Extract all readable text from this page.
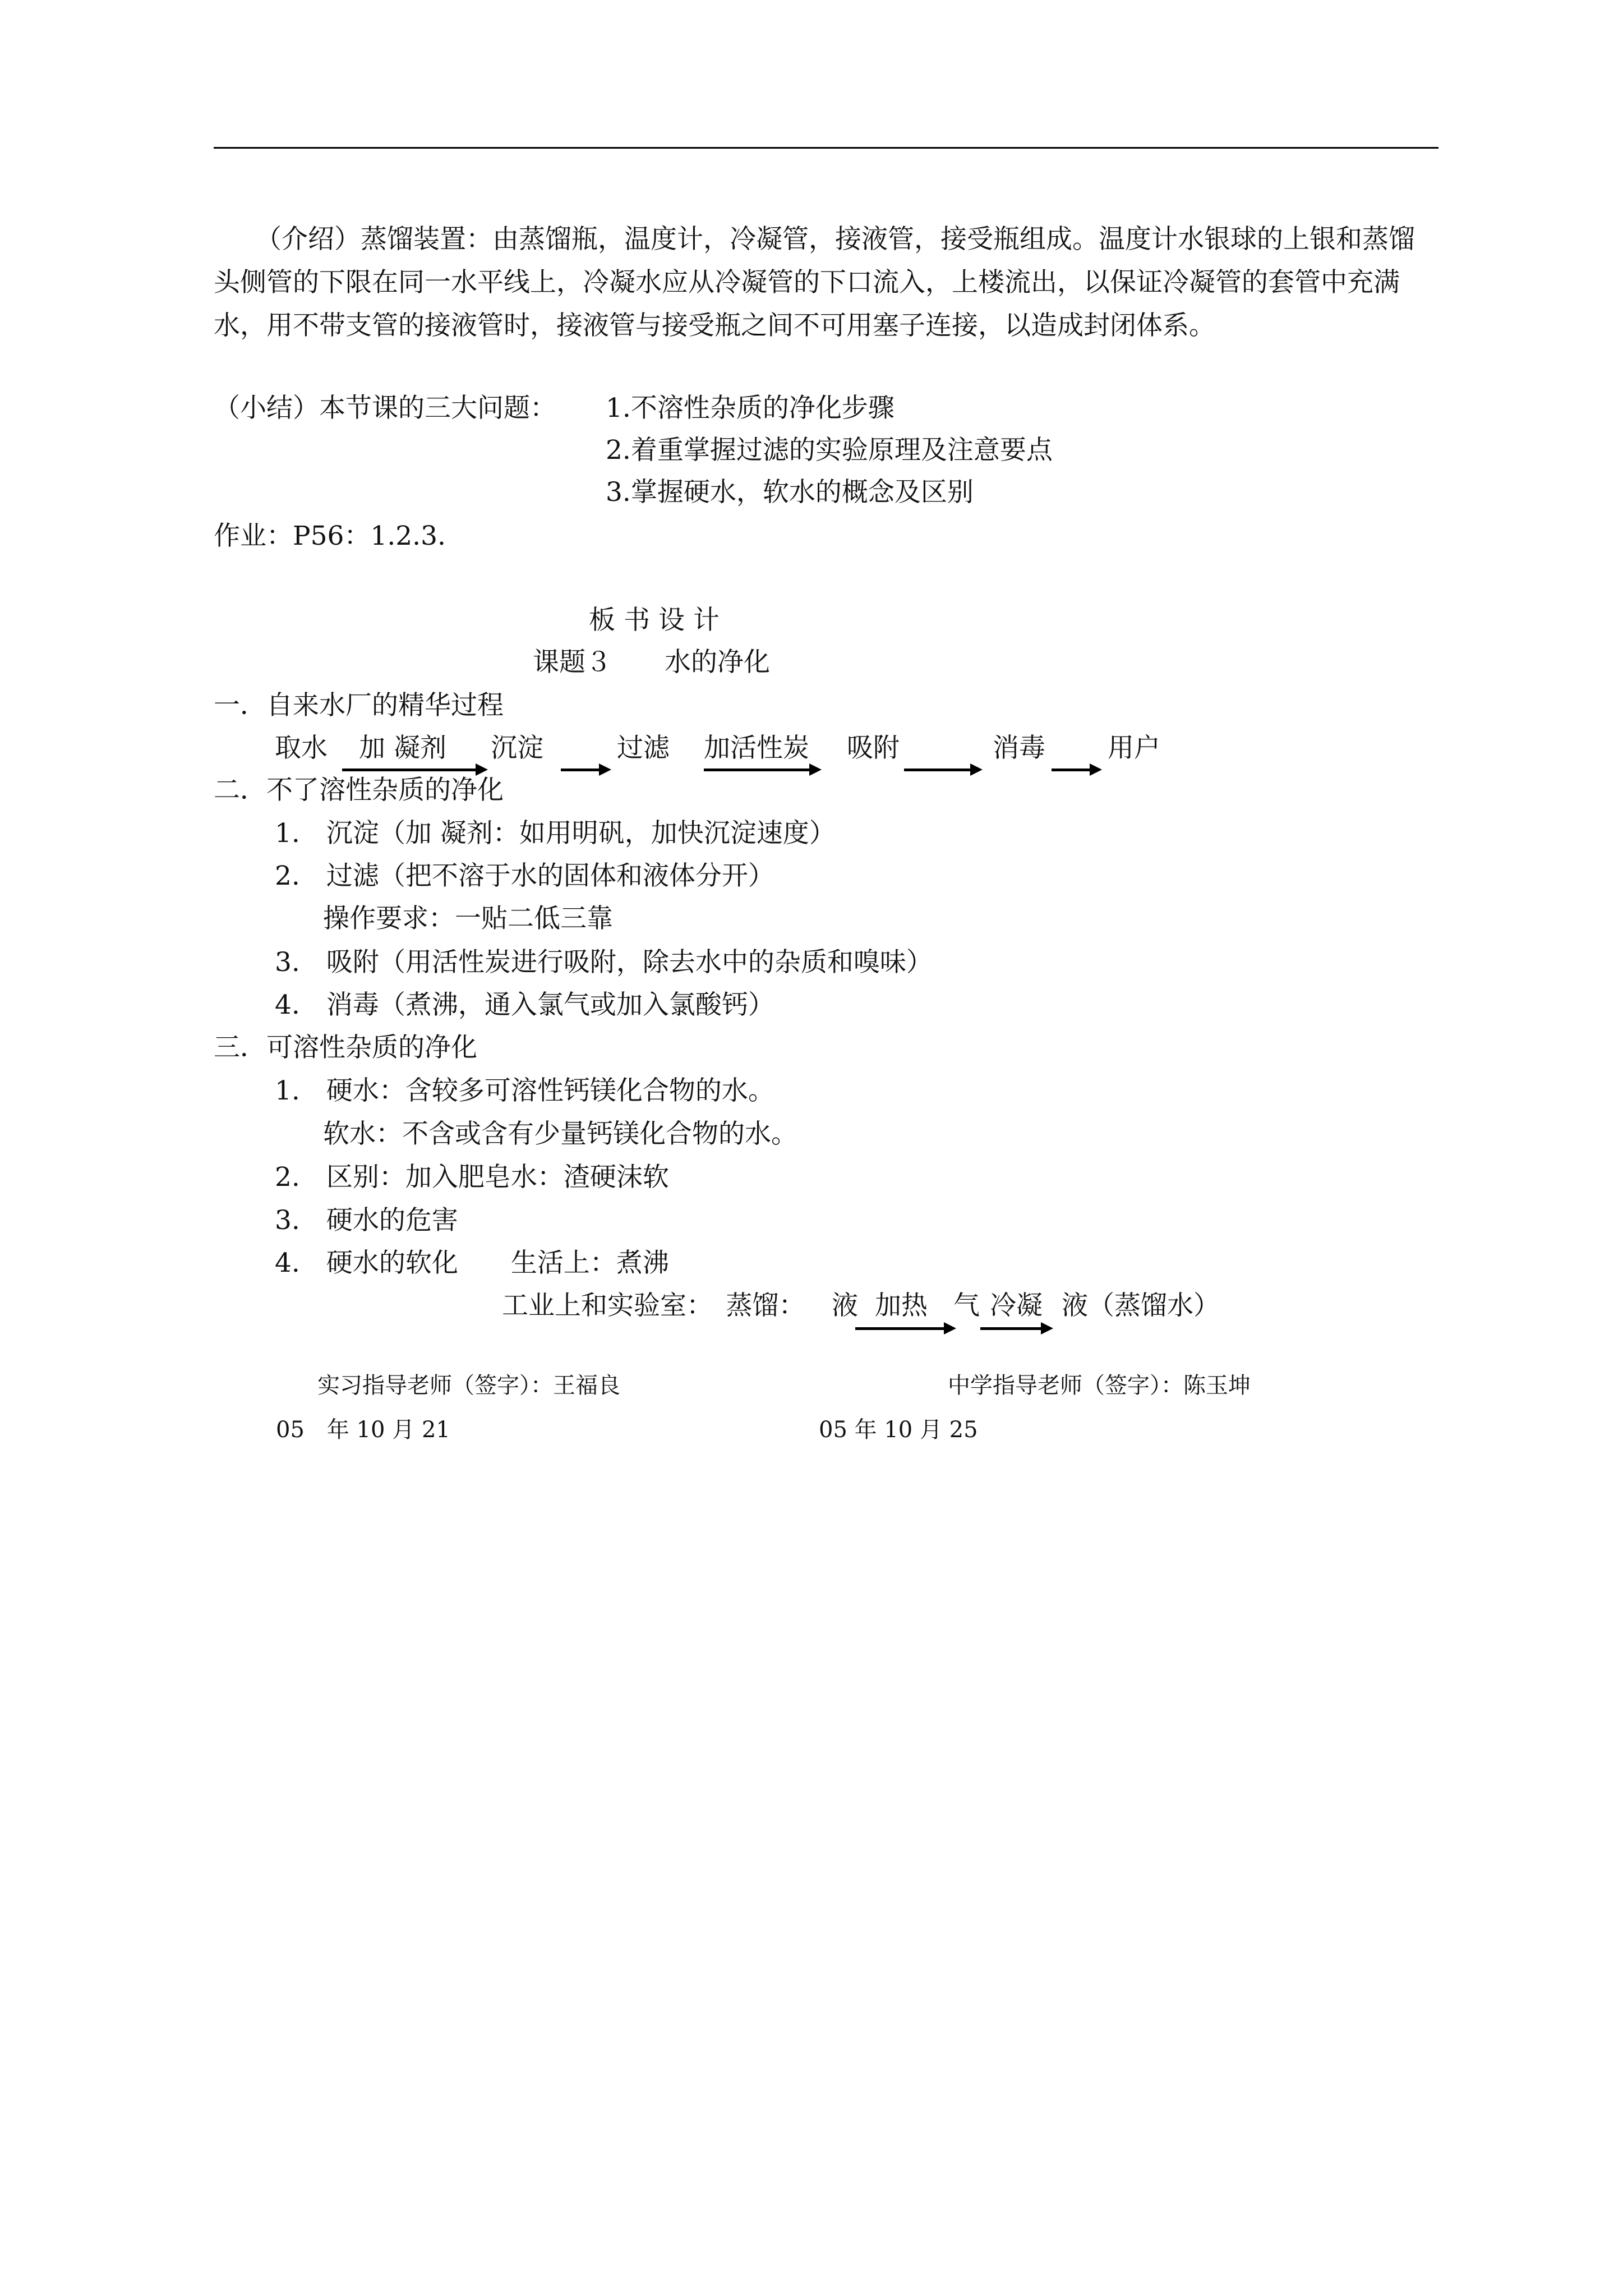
（介绍）蒸馏装置：由蒸馏瓶，温度计，冷凝管，接液管，接受瓶组成。温度计水银球的上银和蒸馏头侧管的下限在同一水平线上，冷凝水应从冷凝管的下口流入，上楼流出，以保证冷凝管的套管中充满水，用不带支管的接液管时，接液管与接受瓶之间不可用塞子连接，以造成封闭体系。

（小结）本节课的三大问题： 1.不溶性杂质的净化步骤
2.着重掌握过滤的实验原理及注意要点
3.掌握硬水，软水的概念及区别
作业：P56：1.2.3.
板 书 设 计
课题３　　水的净化
一．自来水厂的精华过程
取水 加 凝剂 沉淀	过滤 加活性炭 吸附	消毒 用户
二．不了溶性杂质的净化
1.　沉淀（加 凝剂：如用明矾，加快沉淀速度）
2.　过滤（把不溶于水的固体和液体分开）
操作要求：一贴二低三靠
3.　吸附（用活性炭进行吸附，除去水中的杂质和嗅味）
4.　消毒（煮沸，通入氯气或加入氯酸钙）
三．可溶性杂质的净化
1.　硬水：含较多可溶性钙镁化合物的水。
软水：不含或含有少量钙镁化合物的水。
2.　区别：加入肥皂水：渣硬沫软
3.　硬水的危害
4.　硬水的软化　　生活上：煮沸
工业上和实验室：　蒸馏： 液 加热 气 冷凝 液（蒸馏水）
实习指导老师（签字）：王福良	中学指导老师（签字）：陈玉坤
05　年 10 月 21	05 年 10 月 25
